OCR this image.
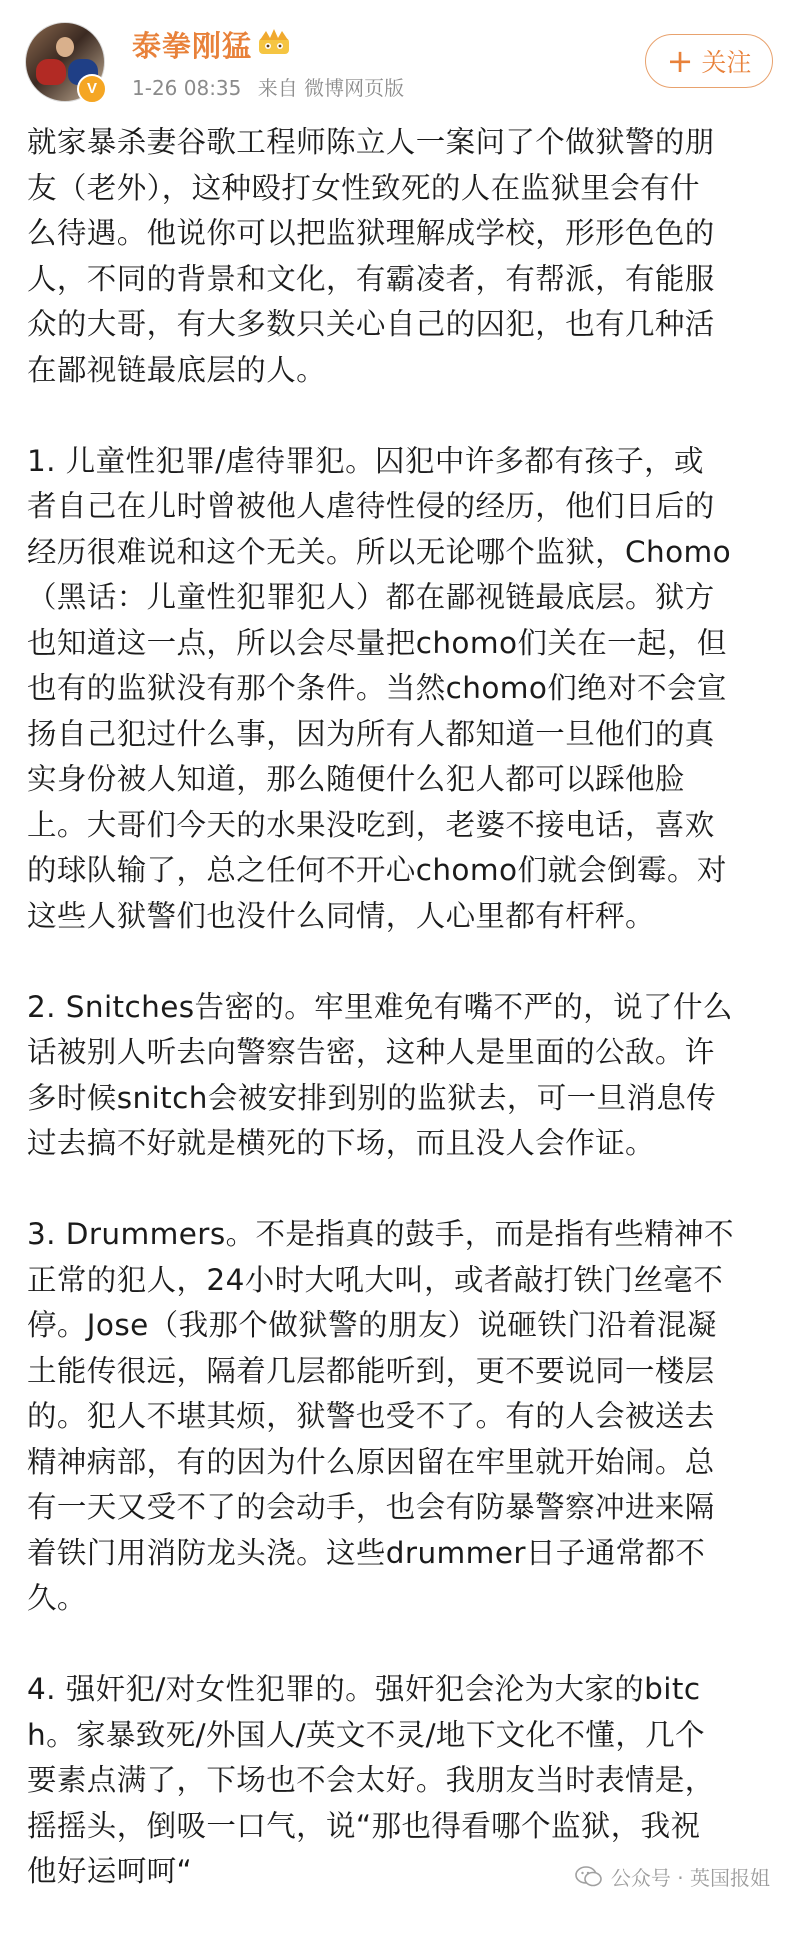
V
泰拳刚猛
1-26 08:35 来自 微博网页版
+ 关注

就家暴杀妻谷歌工程师陈立人一案问了个做狱警的朋
友（老外），这种殴打女性致死的人在监狱里会有什
么待遇。他说你可以把监狱理解成学校，形形色色的
人，不同的背景和文化，有霸凌者，有帮派，有能服
众的大哥，有大多数只关心自己的囚犯，也有几种活
在鄙视链最底层的人。

1. 儿童性犯罪/虐待罪犯。囚犯中许多都有孩子，或
者自己在儿时曾被他人虐待性侵的经历，他们日后的
经历很难说和这个无关。所以无论哪个监狱，Chomo
（黑话：儿童性犯罪犯人）都在鄙视链最底层。狱方
也知道这一点，所以会尽量把chomo们关在一起，但
也有的监狱没有那个条件。当然chomo们绝对不会宣
扬自己犯过什么事，因为所有人都知道一旦他们的真
实身份被人知道，那么随便什么犯人都可以踩他脸
上。大哥们今天的水果没吃到，老婆不接电话，喜欢
的球队输了，总之任何不开心chomo们就会倒霉。对
这些人狱警们也没什么同情，人心里都有杆秤。

2. Snitches告密的。牢里难免有嘴不严的，说了什么
话被别人听去向警察告密，这种人是里面的公敌。许
多时候snitch会被安排到别的监狱去，可一旦消息传
过去搞不好就是横死的下场，而且没人会作证。

3. Drummers。不是指真的鼓手，而是指有些精神不
正常的犯人，24小时大吼大叫，或者敲打铁门丝毫不
停。Jose（我那个做狱警的朋友）说砸铁门沿着混凝
土能传很远，隔着几层都能听到，更不要说同一楼层
的。犯人不堪其烦，狱警也受不了。有的人会被送去
精神病部，有的因为什么原因留在牢里就开始闹。总
有一天又受不了的会动手，也会有防暴警察冲进来隔
着铁门用消防龙头浇。这些drummer日子通常都不
久。

4. 强奸犯/对女性犯罪的。强奸犯会沦为大家的bitc
h。家暴致死/外国人/英文不灵/地下文化不懂，几个
要素点满了，下场也不会太好。我朋友当时表情是，
摇摇头，倒吸一口气，说“那也得看哪个监狱，我祝
他好运呵呵“	公众号 · 英国报姐
